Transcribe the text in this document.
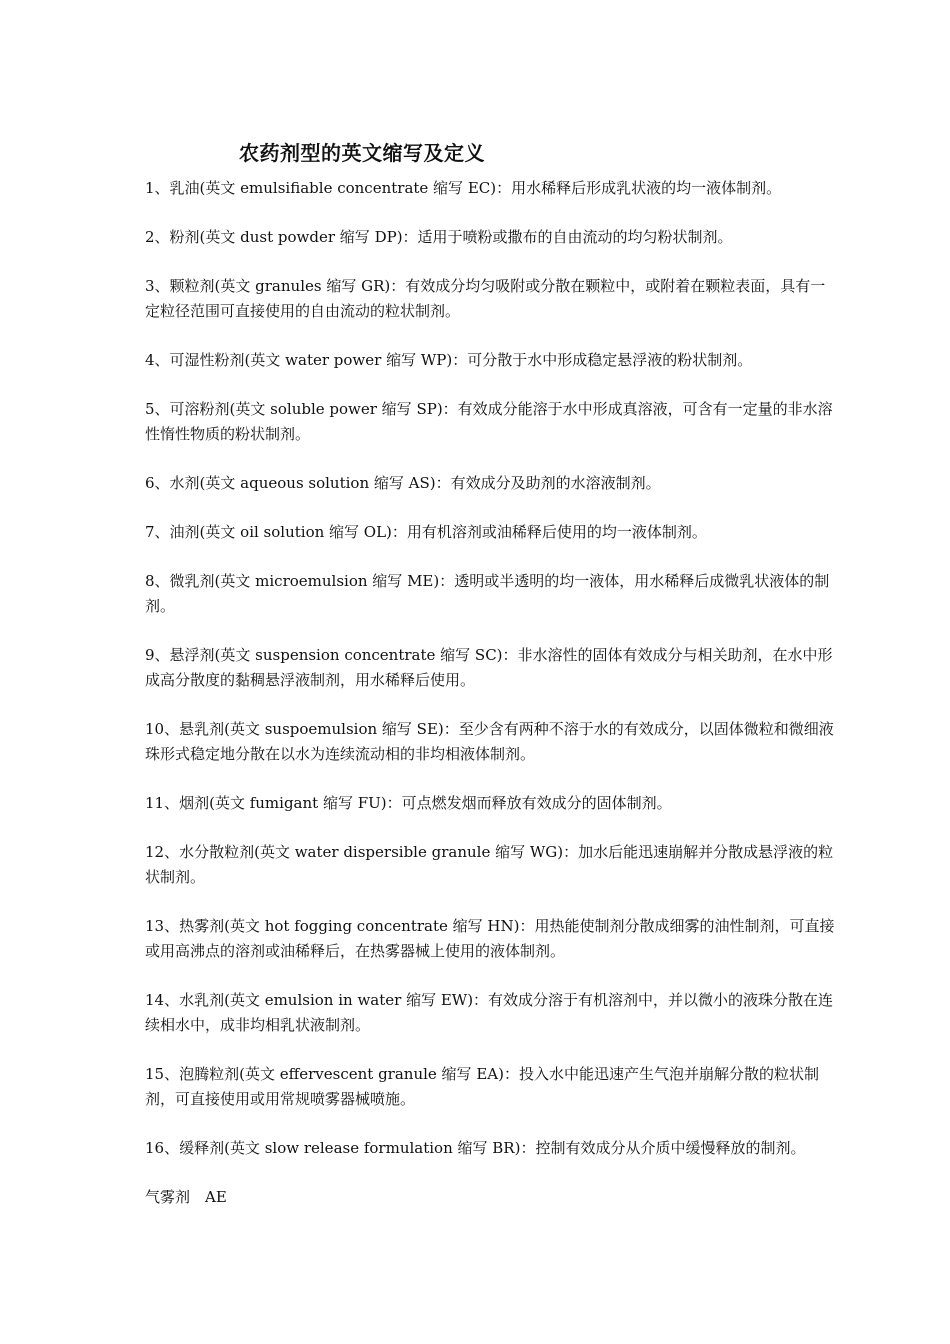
农药剂型的英文缩写及定义

1、乳油(英文 emulsifiable concentrate 缩写 EC)：用水稀释后形成乳状液的均一液体制剂。

2、粉剂(英文 dust powder 缩写 DP)：适用于喷粉或撒布的自由流动的均匀粉状制剂。

3、颗粒剂(英文 granules 缩写 GR)：有效成分均匀吸附或分散在颗粒中，或附着在颗粒表面，具有一定粒径范围可直接使用的自由流动的粒状制剂。

4、可湿性粉剂(英文 water power 缩写 WP)：可分散于水中形成稳定悬浮液的粉状制剂。

5、可溶粉剂(英文 soluble power 缩写 SP)：有效成分能溶于水中形成真溶液，可含有一定量的非水溶性惰性物质的粉状制剂。

6、水剂(英文 aqueous solution 缩写 AS)：有效成分及助剂的水溶液制剂。

7、油剂(英文 oil solution 缩写 OL)：用有机溶剂或油稀释后使用的均一液体制剂。

8、微乳剂(英文 microemulsion 缩写 ME)：透明或半透明的均一液体，用水稀释后成微乳状液体的制剂。

9、悬浮剂(英文 suspension concentrate 缩写 SC)：非水溶性的固体有效成分与相关助剂，在水中形成高分散度的黏稠悬浮液制剂，用水稀释后使用。

10、悬乳剂(英文 suspoemulsion 缩写 SE)：至少含有两种不溶于水的有效成分，以固体微粒和微细液珠形式稳定地分散在以水为连续流动相的非均相液体制剂。

11、烟剂(英文 fumigant 缩写 FU)：可点燃发烟而释放有效成分的固体制剂。

12、水分散粒剂(英文 water dispersible granule 缩写 WG)：加水后能迅速崩解并分散成悬浮液的粒状制剂。

13、热雾剂(英文 hot fogging concentrate 缩写 HN)：用热能使制剂分散成细雾的油性制剂，可直接或用高沸点的溶剂或油稀释后，在热雾器械上使用的液体制剂。

14、水乳剂(英文 emulsion in water 缩写 EW)：有效成分溶于有机溶剂中，并以微小的液珠分散在连续相水中，成非均相乳状液制剂。

15、泡腾粒剂(英文 effervescent granule 缩写 EA)：投入水中能迅速产生气泡并崩解分散的粒状制剂，可直接使用或用常规喷雾器械喷施。

16、缓释剂(英文 slow release formulation 缩写 BR)：控制有效成分从介质中缓慢释放的制剂。

气雾剂　AE
